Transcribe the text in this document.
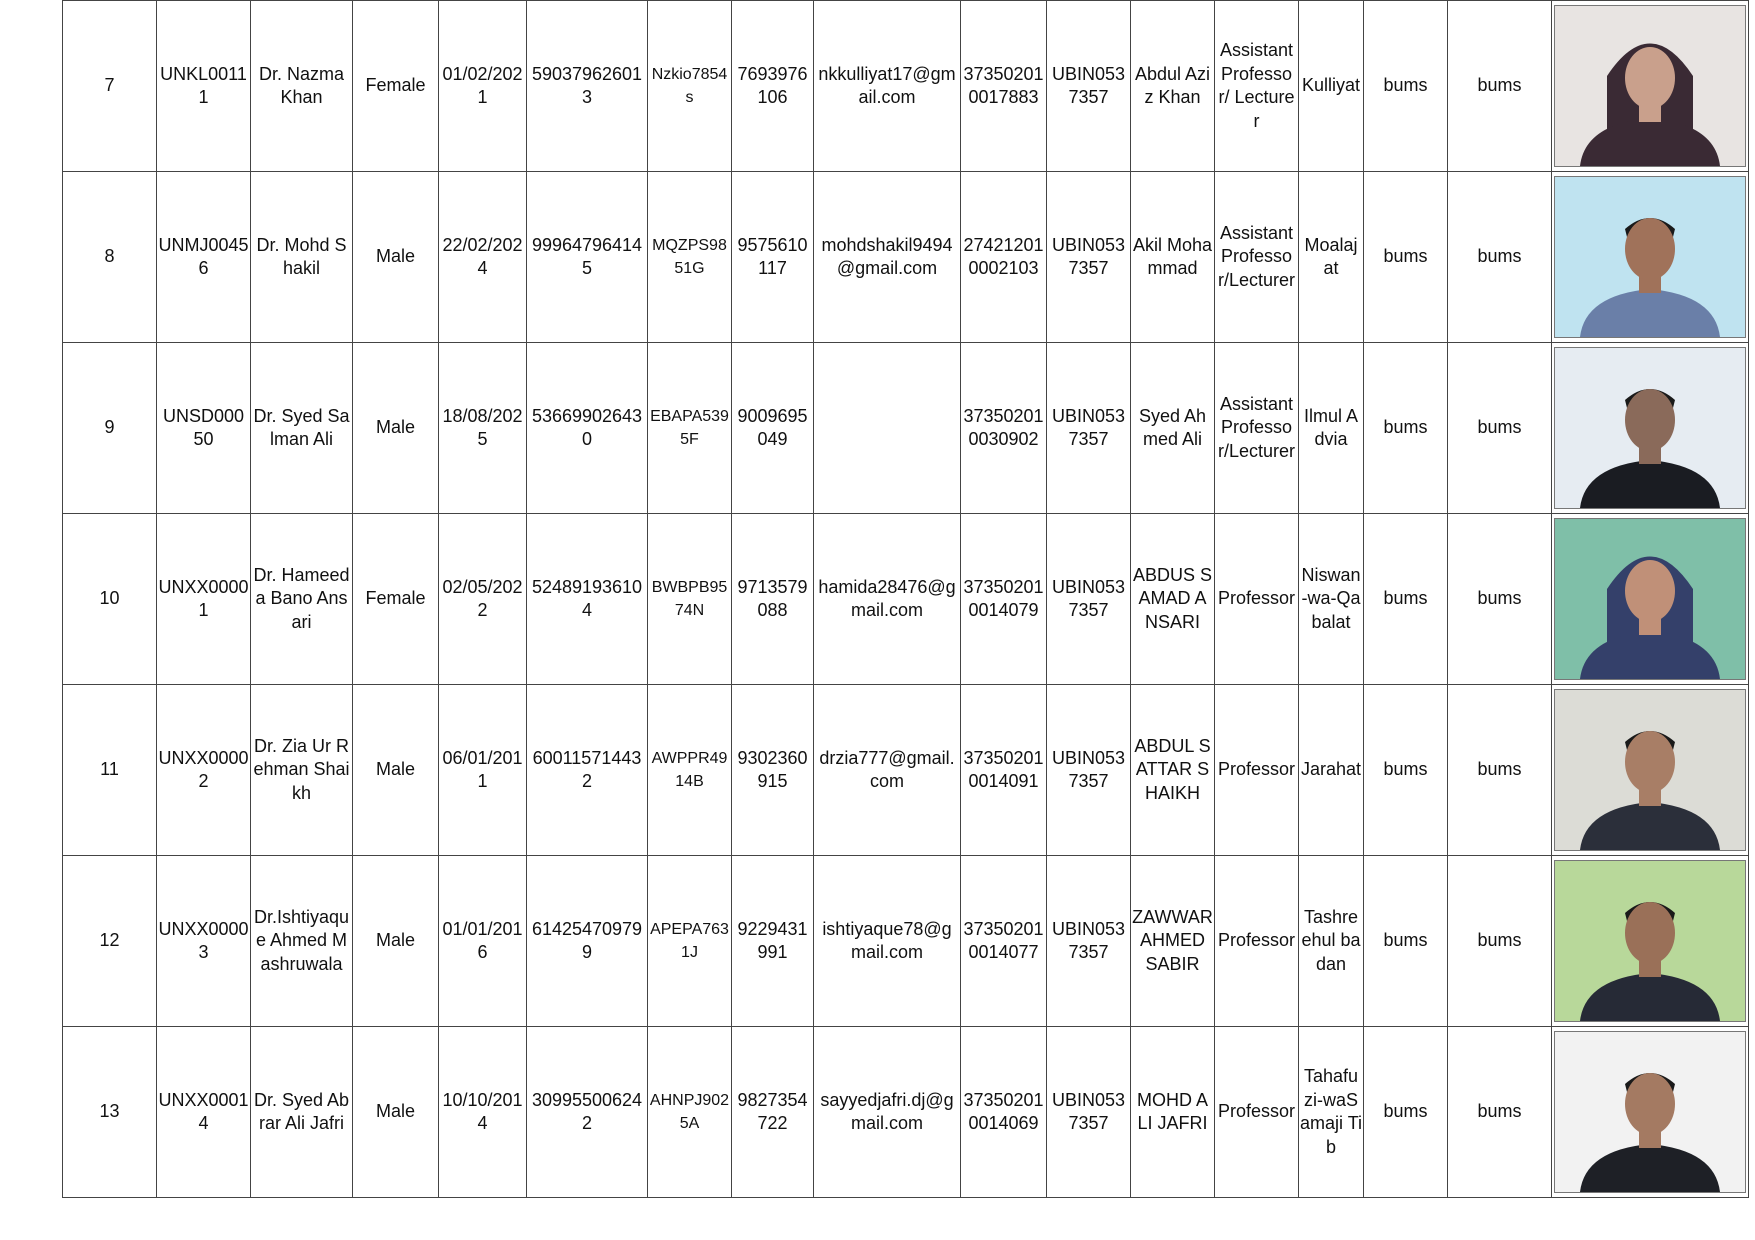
7	UNKL00111	Dr. Nazma Khan	Female	01/02/2021	590379626013	Nzkio7854s	7693976106	nkkulliyat17@gmail.com	373502010017883	UBIN0537357	Abdul Aziz Khan	Assistant Professor/ Lecturer	Kulliyat	bums	bums

8	UNMJ00456	Dr. Mohd Shakil	Male	22/02/2024	999647964145	MQZPS9851G	9575610117	mohdshakil9494@gmail.com	274212010002103	UBIN0537357	Akil Mohammad	Assistant Professor/Lecturer	Moalajat	bums	bums

9	UNSD00050	Dr. Syed Salman Ali	Male	18/08/2025	536699026430	EBAPA5395F	9009695049		373502010030902	UBIN0537357	Syed Ahmed Ali	Assistant Professor/Lecturer	Ilmul Advia	bums	bums

10	UNXX00001	Dr. Hameeda Bano Ansari	Female	02/05/2022	524891936104	BWBPB9574N	9713579088	hamida28476@gmail.com	373502010014079	UBIN0537357	ABDUS SAMAD ANSARI	Professor	Niswan-wa-Qabalat	bums	bums

11	UNXX00002	Dr. Zia Ur Rehman Shaikh	Male	06/01/2011	600115714432	AWPPR4914B	9302360915	drzia777@gmail.com	373502010014091	UBIN0537357	ABDUL SATTAR SHAIKH	Professor	Jarahat	bums	bums

12	UNXX00003	Dr.Ishtiyaque Ahmed Mashruwala	Male	01/01/2016	614254709799	APEPA7631J	9229431991	ishtiyaque78@gmail.com	373502010014077	UBIN0537357	ZAWWAR AHMED SABIR	Professor	Tashreehul badan	bums	bums

13	UNXX00014	Dr. Syed Abrar Ali Jafri	Male	10/10/2014	309955006242	AHNPJ9025A	9827354722	sayyedjafri.dj@gmail.com	373502010014069	UBIN0537357	MOHD ALI JAFRI	Professor	Tahafuzi-waSamaji Tib	bums	bums
